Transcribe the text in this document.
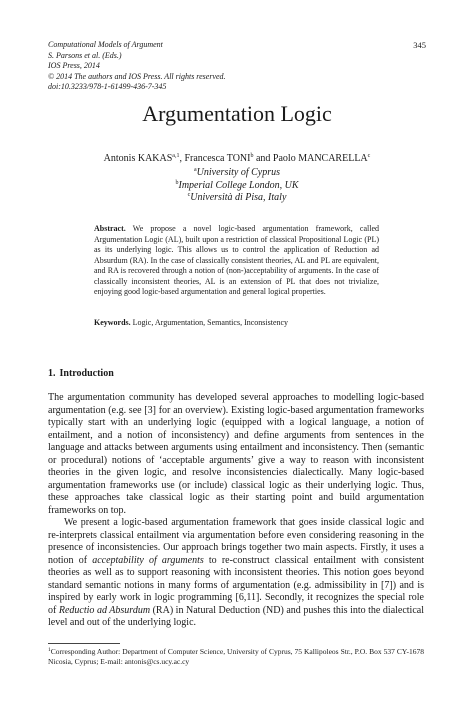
Computational Models of Argument
S. Parsons et al. (Eds.)
IOS Press, 2014
© 2014 The authors and IOS Press. All rights reserved.
doi:10.3233/978-1-61499-436-7-345
345
Argumentation Logic
Antonis KAKAS$^{a,1}$, Francesca TONI$^b$ and Paolo MANCARELLA$^c$
$^a$University of Cyprus
$^b$Imperial College London, UK
$^c$Università di Pisa, Italy
Abstract. We propose a novel logic-based argumentation framework, called Argumentation Logic (AL), built upon a restriction of classical Propositional Logic (PL) as its underlying logic. This allows us to control the application of Reduction ad Absurdum (RA). In the case of classically consistent theories, AL and PL are equivalent, and RA is recovered through a notion of (non-)acceptability of arguments. In the case of classically inconsistent theories, AL is an extension of PL that does not trivialize, enjoying good logic-based argumentation and general logical properties.
Keywords. Logic, Argumentation, Semantics, Inconsistency
1. Introduction

The argumentation community has developed several approaches to modelling logic-based argumentation (e.g. see [3] for an overview). Existing logic-based argumentation frameworks typically start with an underlying logic (equipped with a logical language, a notion of entailment, and a notion of inconsistency) and define arguments from sentences in the language and attacks between arguments using entailment and inconsistency. Then (semantic or procedural) notions of ‘acceptable arguments’ give a way to reason with inconsistent theories in the given logic, and resolve inconsistencies dialectically. Many logic-based argumentation frameworks use (or include) classical logic as their underlying logic. Thus, these approaches take classical logic as their starting point and build argumentation frameworks on top.

We present a logic-based argumentation framework that goes inside classical logic and re-interprets classical entailment via argumentation before even considering reasoning in the presence of inconsistencies. Our approach brings together two main aspects. Firstly, it uses a notion of acceptability of arguments to re-construct classical entailment with consistent theories as well as to support reasoning with inconsistent theories. This notion goes beyond standard semantic notions in many forms of argumentation (e.g. admissibility in [7]) and is inspired by early work in logic programming [6,11]. Secondly, it recognizes the special role of Reductio ad Absurdum (RA) in Natural Deduction (ND) and pushes this into the dialectical level and out of the underlying logic.

$^1$Corresponding Author: Department of Computer Science, University of Cyprus, 75 Kallipoleos Str., P.O. Box 537 CY-1678 Nicosia, Cyprus; E-mail: antonis@cs.ucy.ac.cy
